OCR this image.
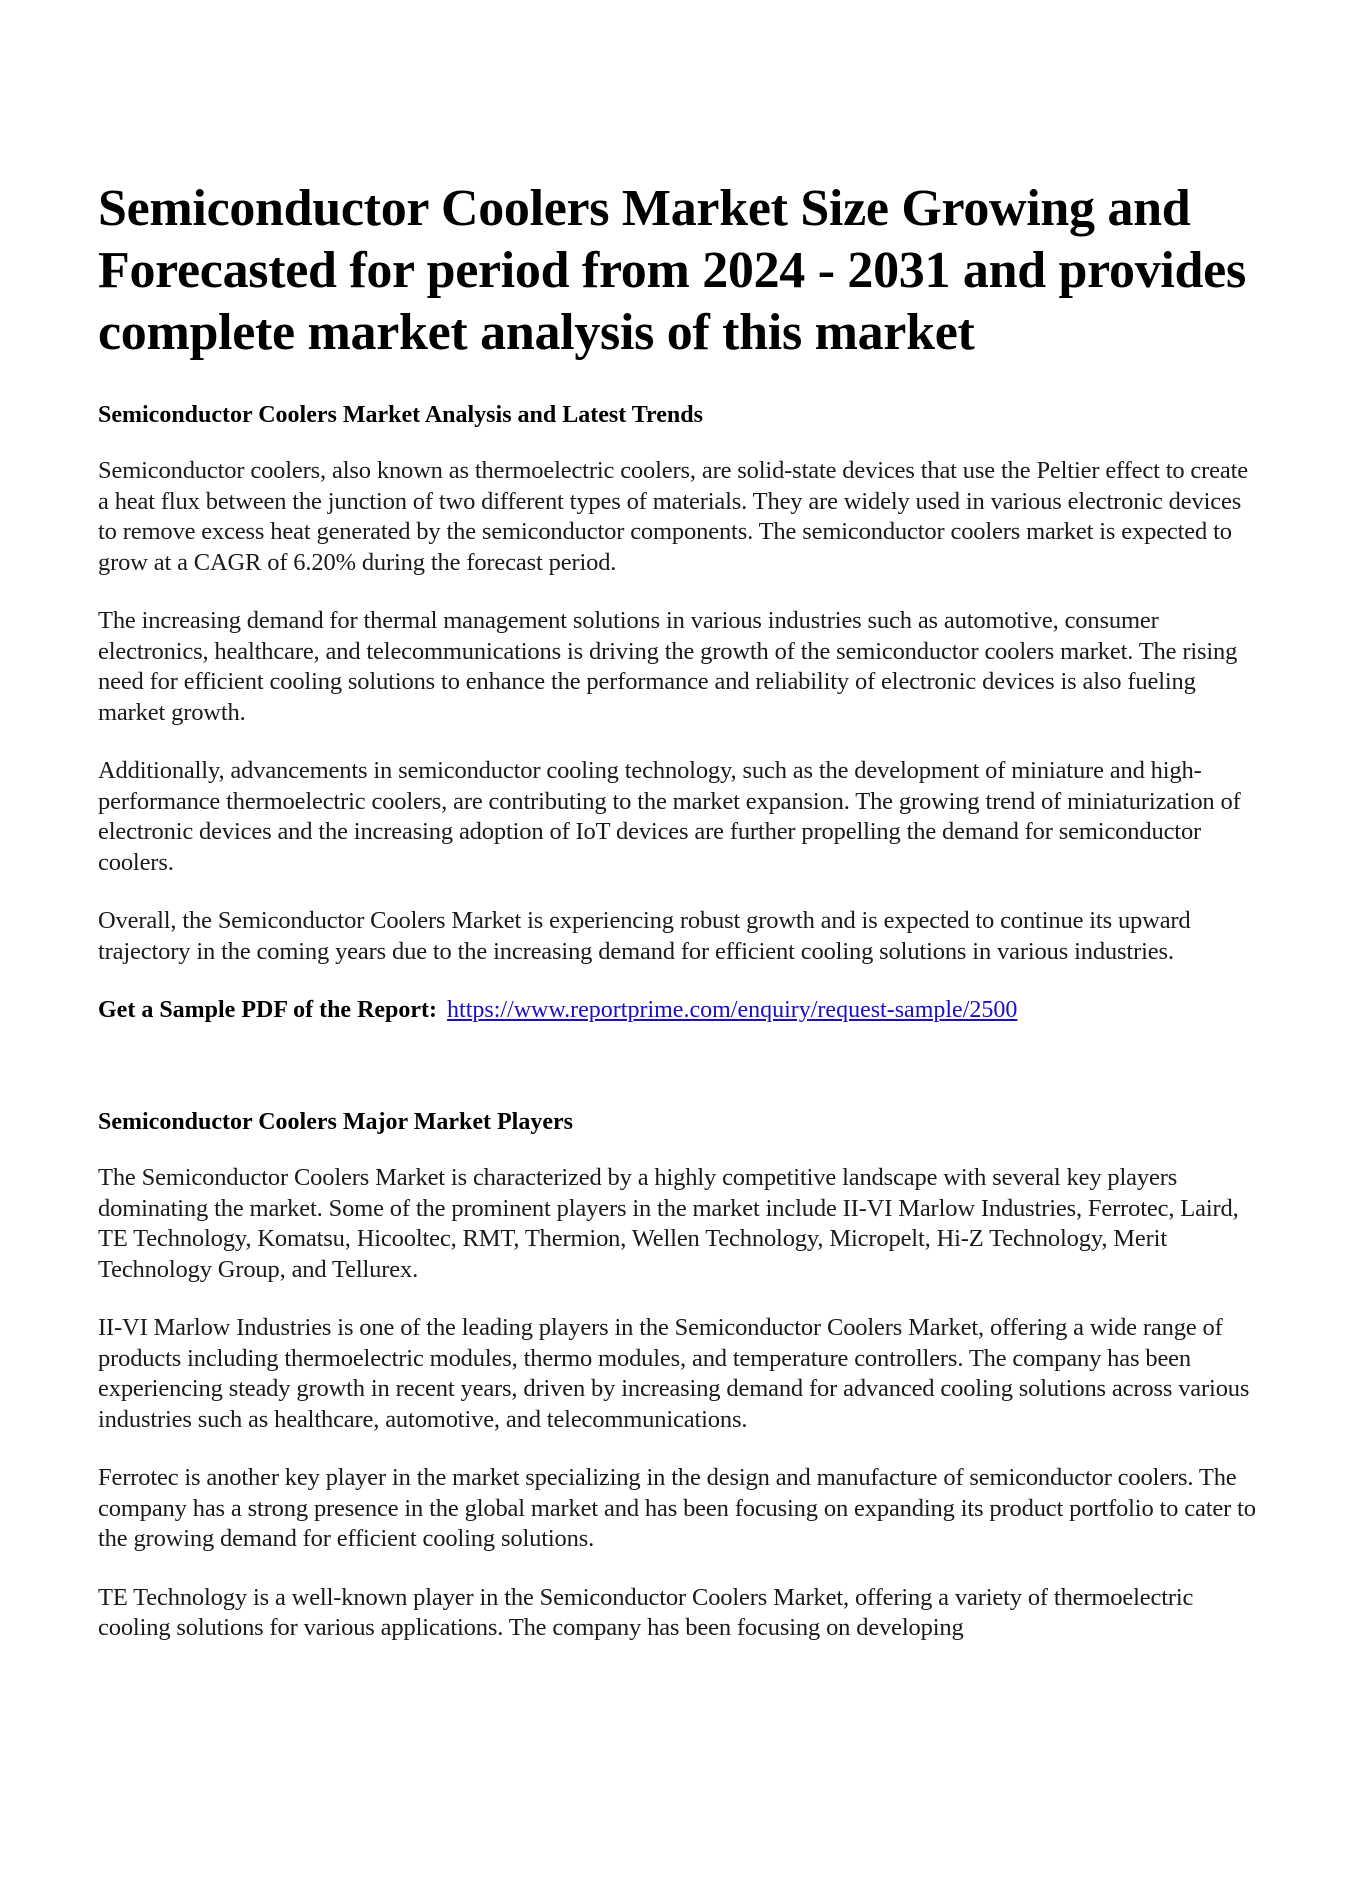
Semiconductor Coolers Market Size Growing and Forecasted for period from 2024 - 2031 and provides complete market analysis of this market
Semiconductor Coolers Market Analysis and Latest Trends

Semiconductor coolers, also known as thermoelectric coolers, are solid-state devices that use the Peltier effect to create a heat flux between the junction of two different types of materials. They are widely used in various electronic devices to remove excess heat generated by the semiconductor components. The semiconductor coolers market is expected to grow at a CAGR of 6.20% during the forecast period.

The increasing demand for thermal management solutions in various industries such as automotive, consumer electronics, healthcare, and telecommunications is driving the growth of the semiconductor coolers market. The rising need for efficient cooling solutions to enhance the performance and reliability of electronic devices is also fueling market growth.

Additionally, advancements in semiconductor cooling technology, such as the development of miniature and high-performance thermoelectric coolers, are contributing to the market expansion. The growing trend of miniaturization of electronic devices and the increasing adoption of IoT devices are further propelling the demand for semiconductor coolers.

Overall, the Semiconductor Coolers Market is experiencing robust growth and is expected to continue its upward trajectory in the coming years due to the increasing demand for efficient cooling solutions in various industries.

Get a Sample PDF of the Report: https://www.reportprime.com/enquiry/request-sample/2500
Semiconductor Coolers Major Market Players

The Semiconductor Coolers Market is characterized by a highly competitive landscape with several key players dominating the market. Some of the prominent players in the market include II-VI Marlow Industries, Ferrotec, Laird, TE Technology, Komatsu, Hicooltec, RMT, Thermion, Wellen Technology, Micropelt, Hi-Z Technology, Merit Technology Group, and Tellurex.

II-VI Marlow Industries is one of the leading players in the Semiconductor Coolers Market, offering a wide range of products including thermoelectric modules, thermo modules, and temperature controllers. The company has been experiencing steady growth in recent years, driven by increasing demand for advanced cooling solutions across various industries such as healthcare, automotive, and telecommunications.

Ferrotec is another key player in the market specializing in the design and manufacture of semiconductor coolers. The company has a strong presence in the global market and has been focusing on expanding its product portfolio to cater to the growing demand for efficient cooling solutions.

TE Technology is a well-known player in the Semiconductor Coolers Market, offering a variety of thermoelectric cooling solutions for various applications. The company has been focusing on developing
